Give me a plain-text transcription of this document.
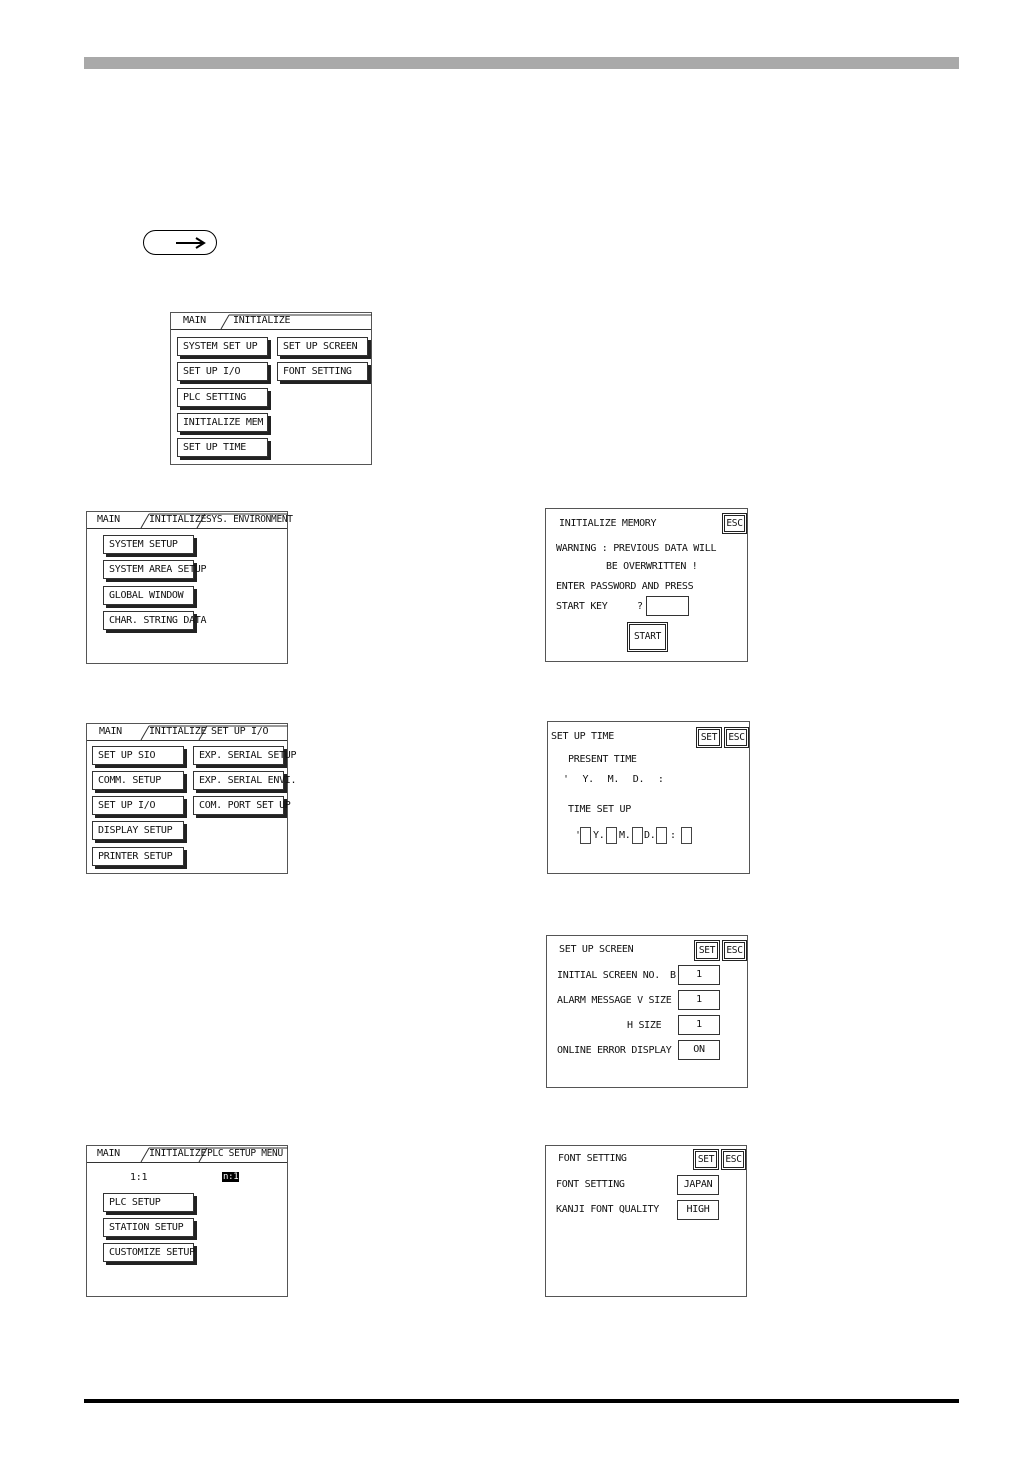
MAIN	INITIALIZE
SYSTEM SET UP	SET UP SCREEN
SET UP I/O	FONT SETTING
PLC SETTING
INITIALIZE MEM
SET UP TIME
MAIN	INITIALIZE SYS. ENVIRONMENT
SYSTEM SETUP
SYSTEM AREA SETUP
GLOBAL WINDOW
CHAR. STRING DATA
INITIALIZE MEMORY	ESC
WARNING : PREVIOUS DATA WILL
BE OVERWRITTEN !
ENTER PASSWORD AND PRESS
START KEY	?
START
MAIN	INITIALIZE SET UP I/O
SET UP SIO	EXP. SERIAL SETUP
COMM. SETUP	EXP. SERIAL ENVI.
SET UP I/O	COM. PORT SET UP
DISPLAY SETUP
PRINTER SETUP
SET UP TIME	SET	ESC
PRESENT TIME
' Y. M. D. :
TIME SET UP
' Y. M. D. :
SET UP SCREEN	SET	ESC
INITIAL SCREEN NO. B	1
ALARM MESSAGE V SIZE	1
H SIZE	1
ONLINE ERROR DISPLAY	ON
MAIN	INITIALIZE PLC SETUP MENU
1:1	n:1
PLC SETUP
STATION SETUP
CUSTOMIZE SETUP
FONT SETTING	SET	ESC
FONT SETTING	JAPAN
KANJI FONT QUALITY	HIGH
